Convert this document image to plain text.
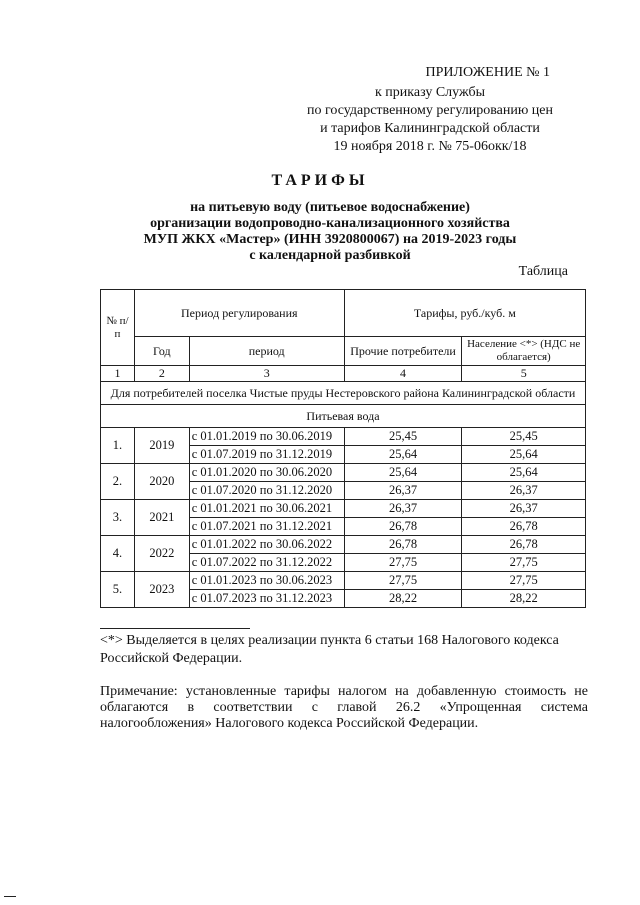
ПРИЛОЖЕНИЕ № 1
к приказу Службы
по государственному регулированию цен
и тарифов Калининградской области
19 ноября 2018 г. № 75-06окк/18
ТАРИФЫ
на питьевую воду (питьевое водоснабжение)
организации водопроводно-канализационного хозяйства
МУП ЖКХ «Мастер» (ИНН 3920800067) на 2019-2023 годы
с календарной разбивкой
Таблица
№ п/п	Период регулирования		Тарифы, руб./куб. м	
	Год	период	Прочие потребители	Население <*> (НДС не облагается)
1	2	3	4	5
Для потребителей поселка Чистые пруды Нестеровского района Калининградской области				
Питьевая вода				
1.	2019	с 01.01.2019 по 30.06.2019	25,45	25,45
		с 01.07.2019 по 31.12.2019	25,64	25,64
2.	2020	с 01.01.2020 по 30.06.2020	25,64	25,64
		с 01.07.2020 по 31.12.2020	26,37	26,37
3.	2021	с 01.01.2021 по 30.06.2021	26,37	26,37
		с 01.07.2021 по 31.12.2021	26,78	26,78
4.	2022	с 01.01.2022 по 30.06.2022	26,78	26,78
		с 01.07.2022 по 31.12.2022	27,75	27,75
5.	2023	с 01.01.2023 по 30.06.2023	27,75	27,75
		с 01.07.2023 по 31.12.2023	28,22	28,22
<*> Выделяется в целях реализации пункта 6 статьи 168 Налогового кодекса Российской Федерации.
Примечание: установленные тарифы налогом на добавленную стоимость не облагаются в соответствии с главой 26.2 «Упрощенная система налогообложения» Налогового кодекса Российской Федерации.
